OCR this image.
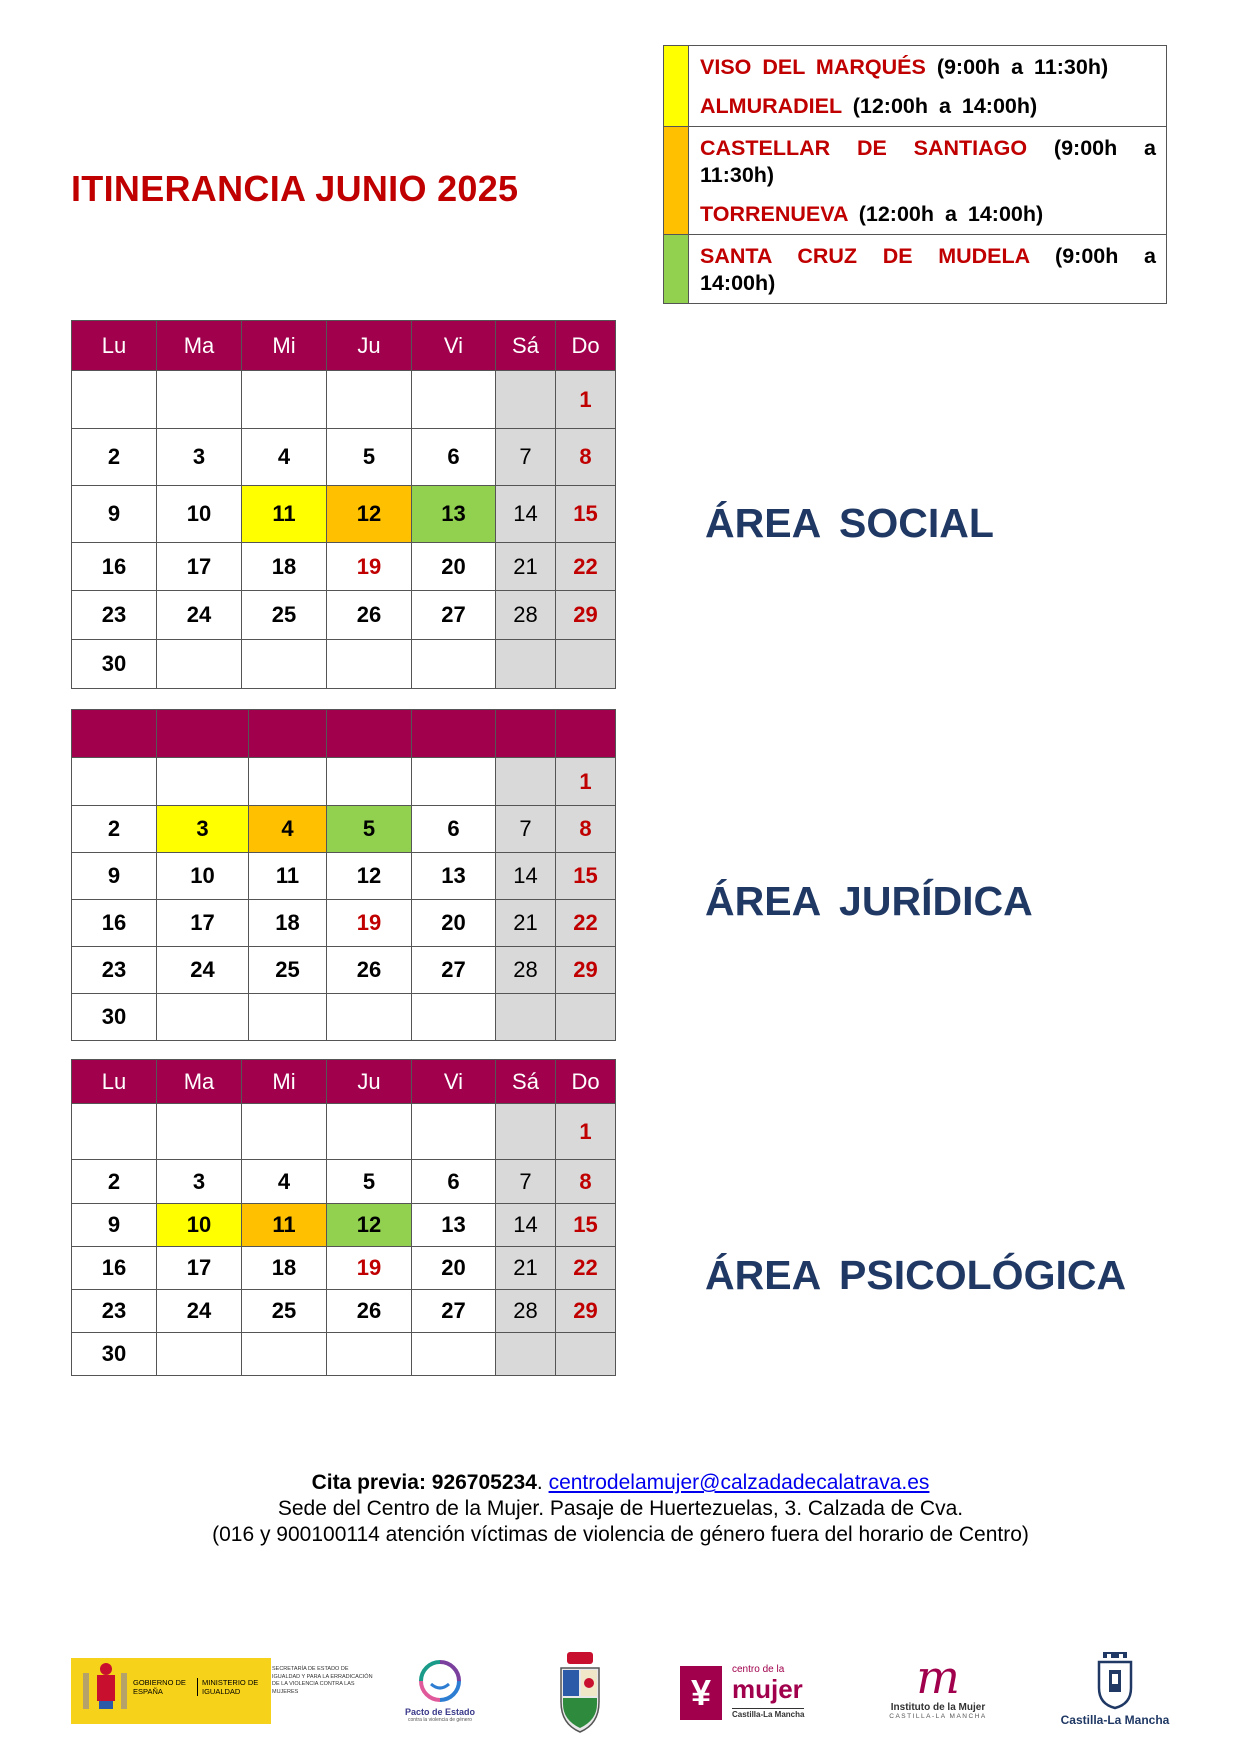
ITINERANCIA JUNIO 2025

	VISO DEL MARQUÉS (9:00h a 11:30h)
ALMURADIEL (12:00h a 14:00h)

	CASTELLAR DE SANTIAGO (9:00h a 11:30h)
TORRENUEVA (12:00h a 14:00h)

	SANTA CRUZ DE MUDELA (9:00h a 14:00h)
Lu	Ma	Mi	Ju	Vi	Sá	Do
						1
2	3	4	5	6	7	8
9	10	11	12	13	14	15
16	17	18	19	20	21	22
23	24	25	26	27	28	29
30						
ÁREA SOCIAL

						1
2	3	4	5	6	7	8
9	10	11	12	13	14	15
16	17	18	19	20	21	22
23	24	25	26	27	28	29
30						
ÁREA JURÍDICA
Lu	Ma	Mi	Ju	Vi	Sá	Do
						1
2	3	4	5	6	7	8
9	10	11	12	13	14	15
16	17	18	19	20	21	22
23	24	25	26	27	28	29
30						
ÁREA PSICOLÓGICA
Cita previa: 926705234. centrodelamujer@calzadadecalatrava.es
Sede del Centro de la Mujer. Pasaje de Huertezuelas, 3. Calzada de Cva.
(016 y 900100114 atención víctimas de violencia de género fuera del horario de Centro)
GOBIERNO DE ESPAÑA
MINISTERIO DE IGUALDAD
SECRETARÍA DE ESTADO DE IGUALDAD Y PARA LA ERRADICACIÓN DE LA VIOLENCIA CONTRA LAS MUJERES
Pacto de Estado
contra la violencia de género
¥
centro de la
mujer
Castilla-La Mancha
m
Instituto de la Mujer
CASTILLA-LA MANCHA	Castilla-La Mancha
